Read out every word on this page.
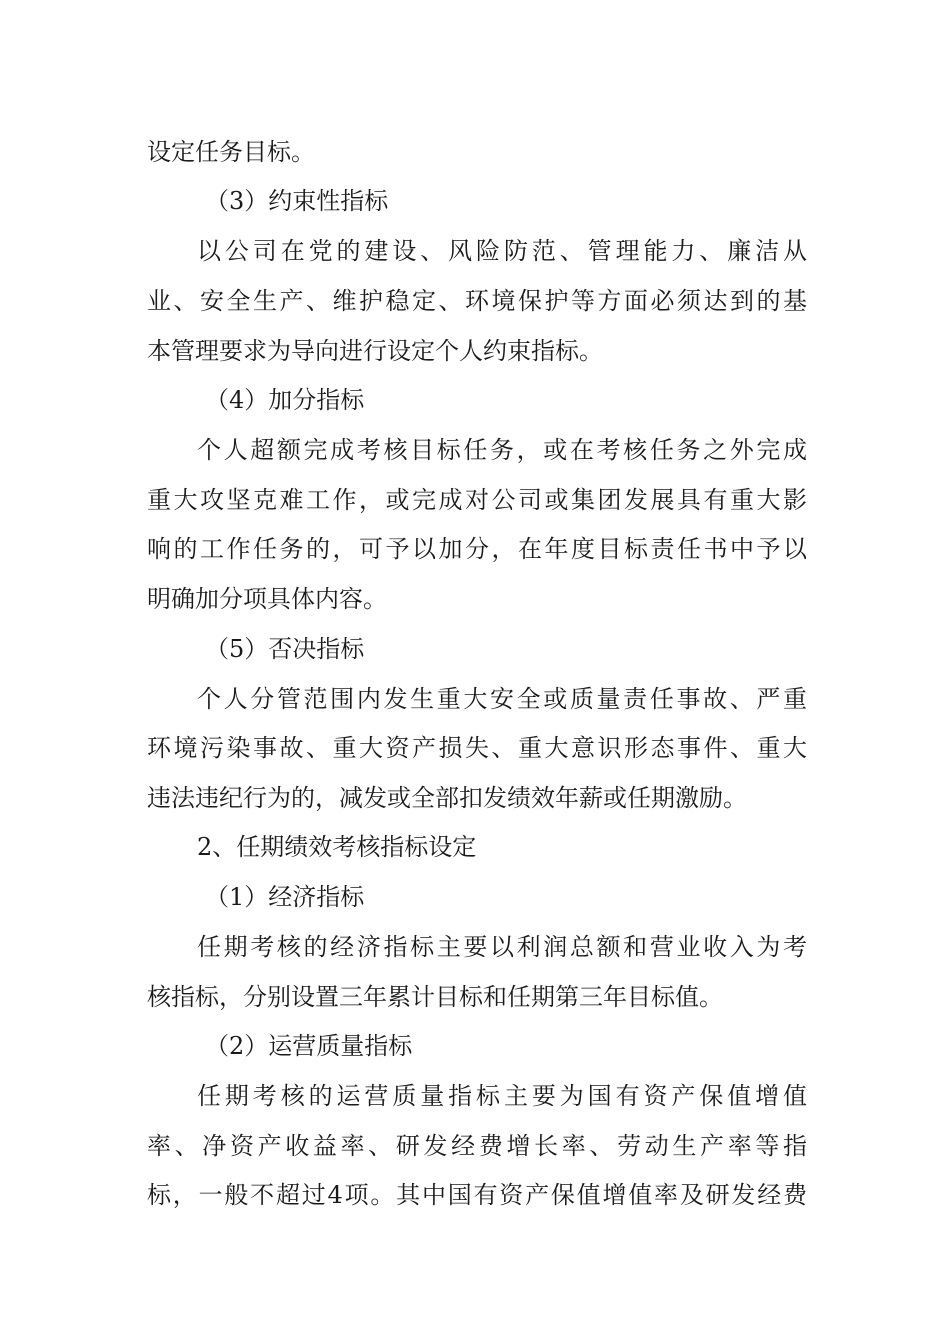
设定任务目标。
（3）约束性指标
以公司在党的建设、风险防范、管理能力、廉洁从
业、安全生产、维护稳定、环境保护等方面必须达到的基
本管理要求为导向进行设定个人约束指标。
（4）加分指标
个人超额完成考核目标任务，或在考核任务之外完成
重大攻坚克难工作，或完成对公司或集团发展具有重大影
响的工作任务的，可予以加分，在年度目标责任书中予以
明确加分项具体内容。
（5）否决指标
个人分管范围内发生重大安全或质量责任事故、严重
环境污染事故、重大资产损失、重大意识形态事件、重大
违法违纪行为的，减发或全部扣发绩效年薪或任期激励。
2、任期绩效考核指标设定
（1）经济指标
任期考核的经济指标主要以利润总额和营业收入为考
核指标，分别设置三年累计目标和任期第三年目标值。
（2）运营质量指标
任期考核的运营质量指标主要为国有资产保值增值
率、净资产收益率、研发经费增长率、劳动生产率等指
标，一般不超过4项。其中国有资产保值增值率及研发经费
